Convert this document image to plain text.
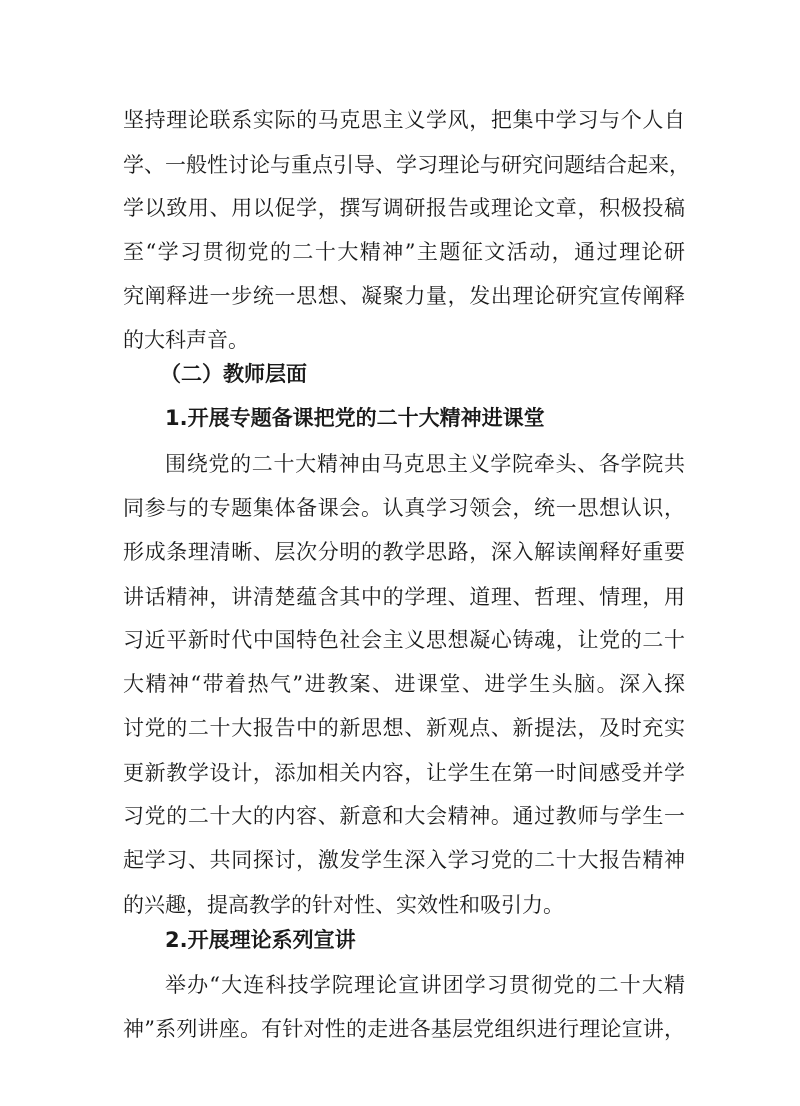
坚持理论联系实际的马克思主义学风，把集中学习与个人自
学、一般性讨论与重点引导、学习理论与研究问题结合起来，
学以致用、用以促学，撰写调研报告或理论文章，积极投稿
至“学习贯彻党的二十大精神”主题征文活动，通过理论研
究阐释进一步统一思想、凝聚力量，发出理论研究宣传阐释
的大科声音。
（二）教师层面
1.开展专题备课把党的二十大精神进课堂
围绕党的二十大精神由马克思主义学院牵头、各学院共
同参与的专题集体备课会。认真学习领会，统一思想认识，
形成条理清晰、层次分明的教学思路，深入解读阐释好重要
讲话精神，讲清楚蕴含其中的学理、道理、哲理、情理，用
习近平新时代中国特色社会主义思想凝心铸魂，让党的二十
大精神“带着热气”进教案、进课堂、进学生头脑。深入探
讨党的二十大报告中的新思想、新观点、新提法，及时充实
更新教学设计，添加相关内容，让学生在第一时间感受并学
习党的二十大的内容、新意和大会精神。通过教师与学生一
起学习、共同探讨，激发学生深入学习党的二十大报告精神
的兴趣，提高教学的针对性、实效性和吸引力。
2.开展理论系列宣讲
举办“大连科技学院理论宣讲团学习贯彻党的二十大精
神”系列讲座。有针对性的走进各基层党组织进行理论宣讲，
